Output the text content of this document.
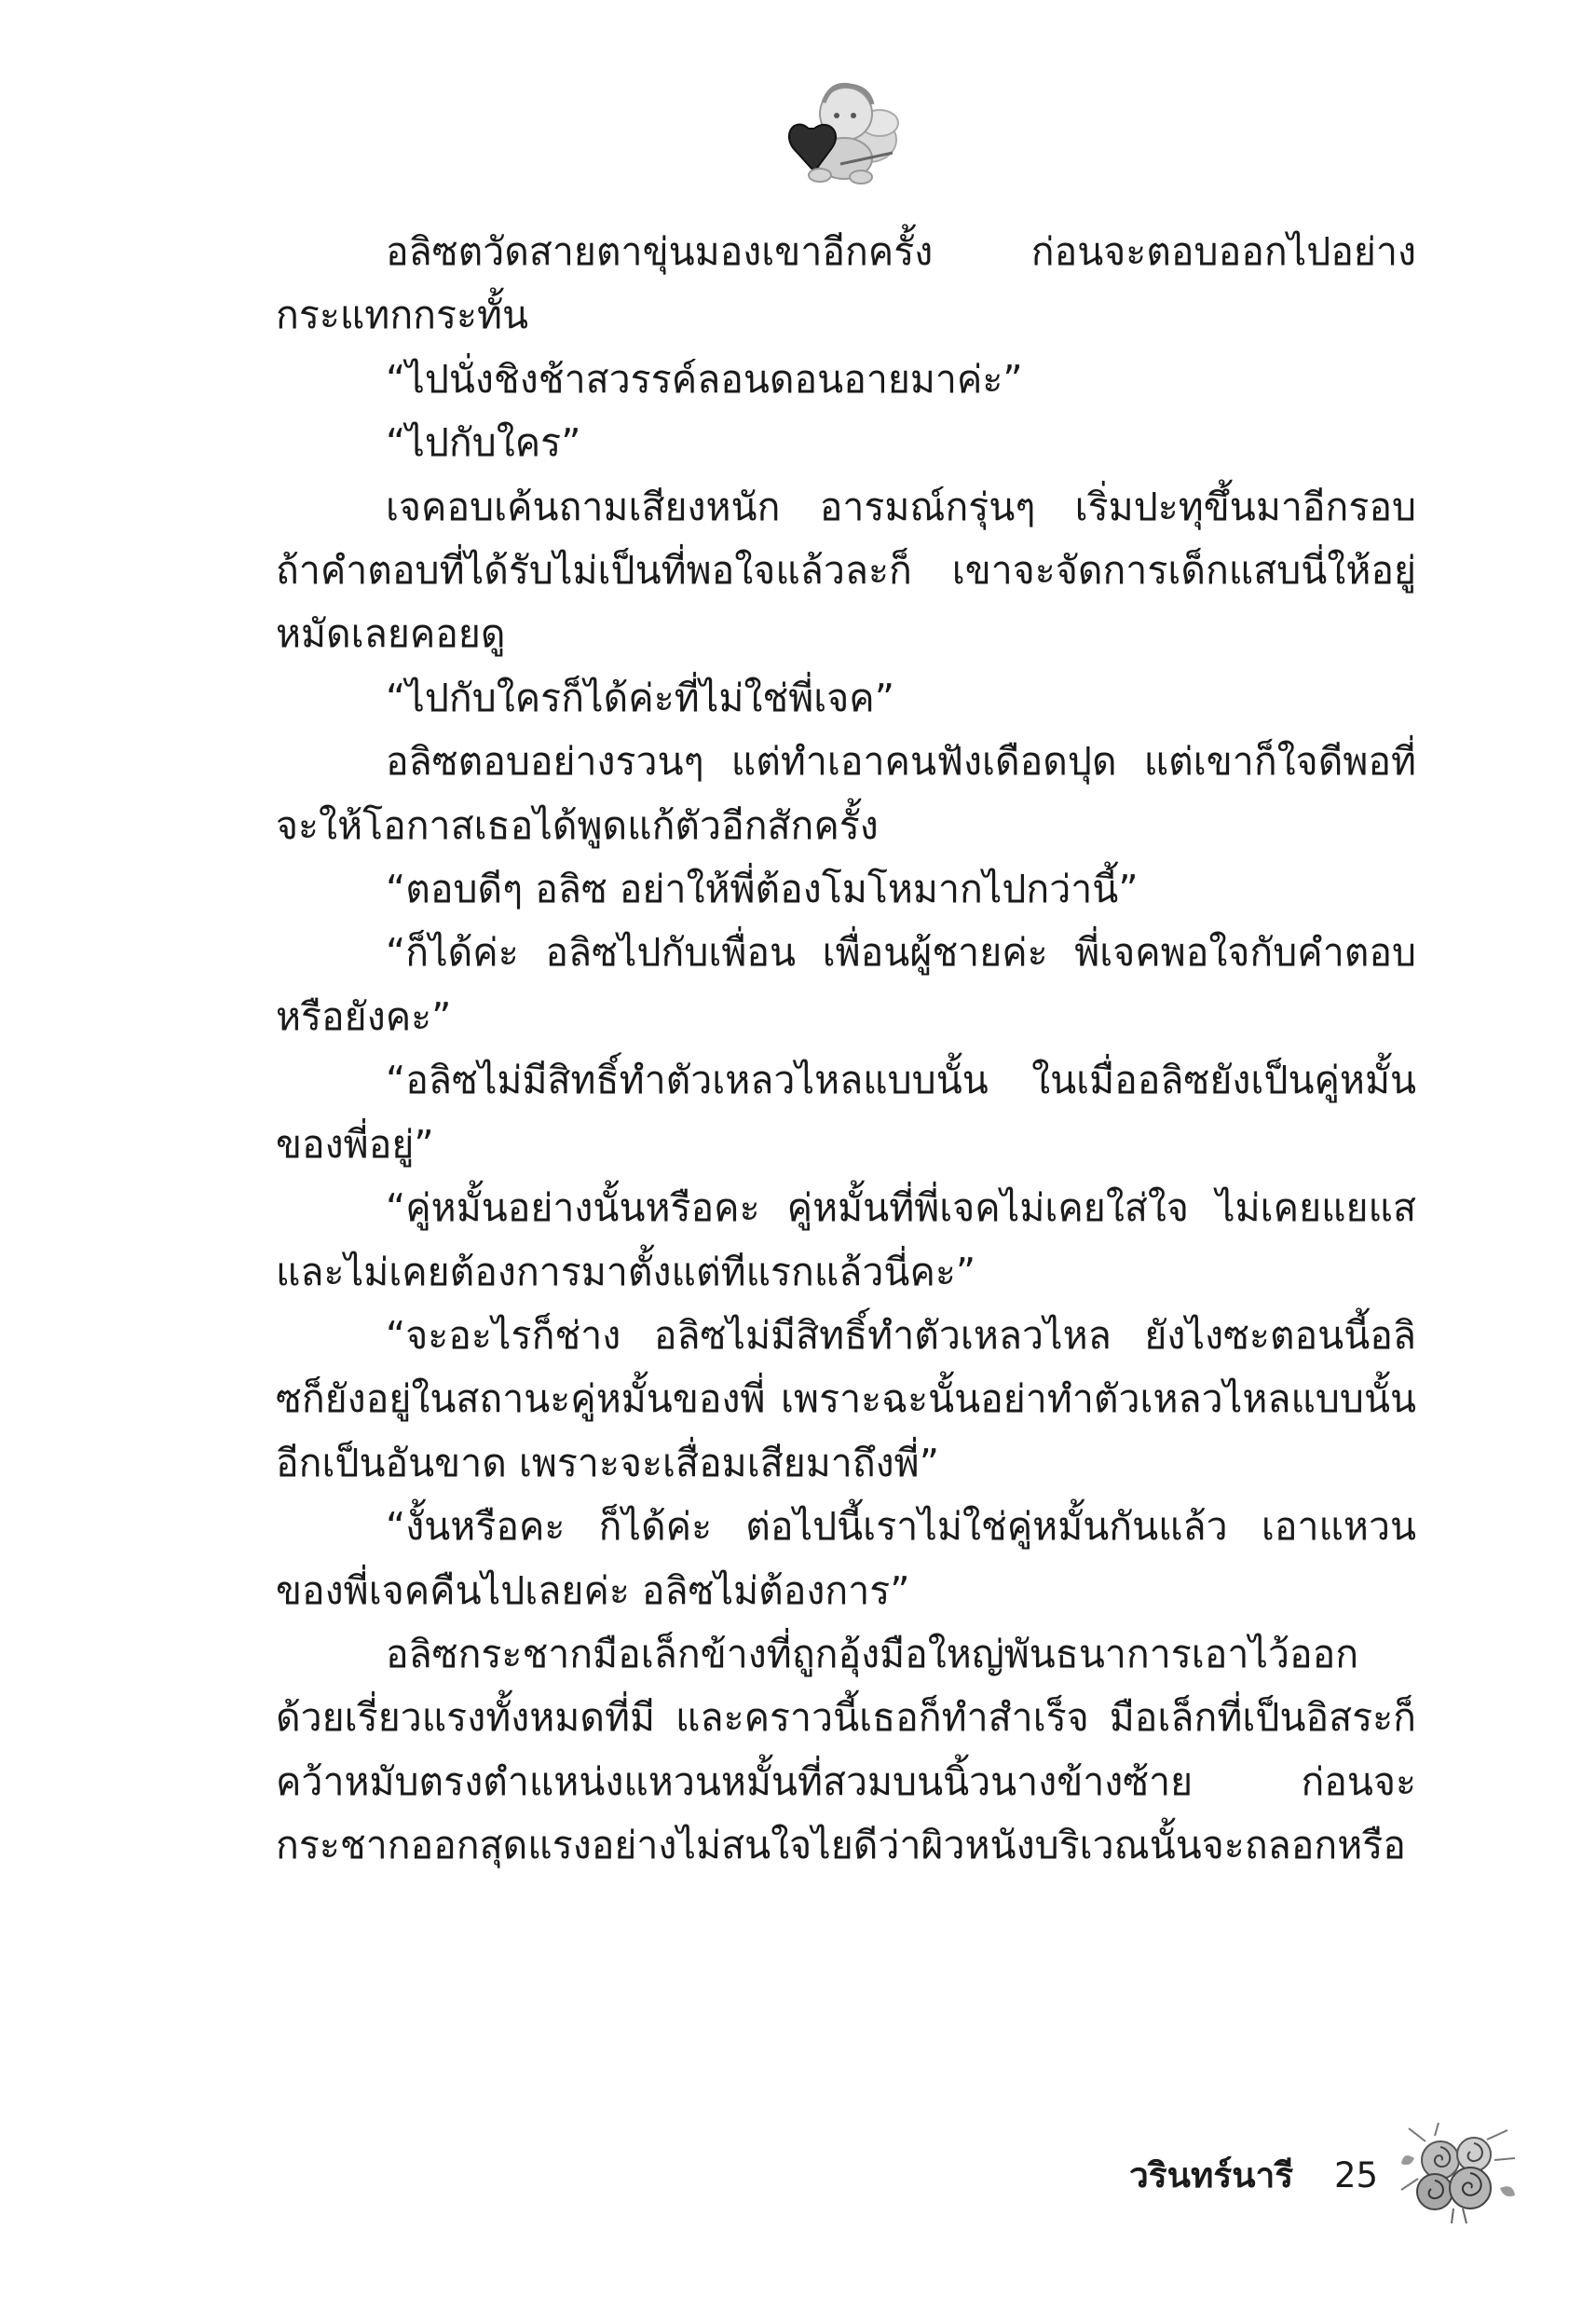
อลิซตวัดสายตาขุ่นมองเขาอีกครั้ง ก่อนจะตอบออกไปอย่างกระแทกกระทั้น

“ไปนั่งชิงช้าสวรรค์ลอนดอนอายมาค่ะ”

“ไปกับใคร”

เจคอบเค้นถามเสียงหนัก อารมณ์กรุ่นๆ เริ่มปะทุขึ้นมาอีกรอบ ถ้าคำตอบที่ได้รับไม่เป็นที่พอใจแล้วละก็ เขาจะจัดการเด็กแสบนี่ให้อยู่หมัดเลยคอยดู

“ไปกับใครก็ได้ค่ะที่ไม่ใช่พี่เจค”

อลิซตอบอย่างรวนๆ แต่ทำเอาคนฟังเดือดปุด แต่เขาก็ใจดีพอที่จะให้โอกาสเธอได้พูดแก้ตัวอีกสักครั้ง

“ตอบดีๆ อลิซ อย่าให้พี่ต้องโมโหมากไปกว่านี้”

“ก็ได้ค่ะ อลิซไปกับเพื่อน เพื่อนผู้ชายค่ะ พี่เจคพอใจกับคำตอบหรือยังคะ”

“อลิซไม่มีสิทธิ์ทำตัวเหลวไหลแบบนั้น ในเมื่ออลิซยังเป็นคู่หมั้นของพี่อยู่”

“คู่หมั้นอย่างนั้นหรือคะ คู่หมั้นที่พี่เจคไม่เคยใส่ใจ ไม่เคยแยแสและไม่เคยต้องการมาตั้งแต่ทีแรกแล้วนี่คะ”

“จะอะไรก็ช่าง อลิซไม่มีสิทธิ์ทำตัวเหลวไหล ยังไงซะตอนนี้อลิซก็ยังอยู่ในสถานะคู่หมั้นของพี่ เพราะฉะนั้นอย่าทำตัวเหลวไหลแบบนั้นอีกเป็นอันขาด เพราะจะเสื่อมเสียมาถึงพี่”

“งั้นหรือคะ ก็ได้ค่ะ ต่อไปนี้เราไม่ใช่คู่หมั้นกันแล้ว เอาแหวนของพี่เจคคืนไปเลยค่ะ อลิซไม่ต้องการ”

อลิซกระชากมือเล็กข้างที่ถูกอุ้งมือใหญ่พันธนาการเอาไว้ออกด้วยเรี่ยวแรงทั้งหมดที่มี และคราวนี้เธอก็ทำสำเร็จ มือเล็กที่เป็นอิสระก็คว้าหมับตรงตำแหน่งแหวนหมั้นที่สวมบนนิ้วนางข้างซ้าย ก่อนจะกระชากออกสุดแรงอย่างไม่สนใจไยดีว่าผิวหนังบริเวณนั้นจะถลอกหรือ

วรินทร์นารี 25
